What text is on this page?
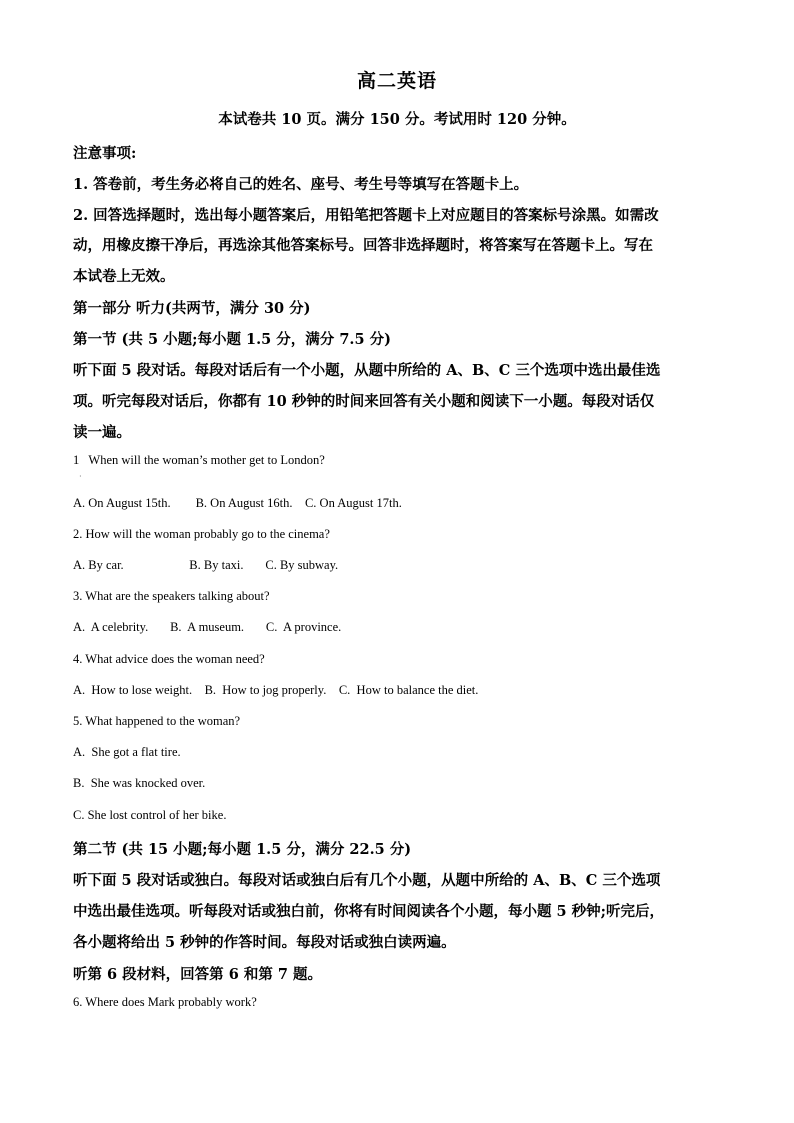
高二英语
本试卷共 10 页。满分 150 分。考试用时 120 分钟。
注意事项:
1. 答卷前，考生务必将自己的姓名、座号、考生号等填写在答题卡上。
2. 回答选择题时，选出每小题答案后，用铅笔把答题卡上对应题目的答案标号涂黑。如需改
动，用橡皮擦干净后，再选涂其他答案标号。回答非选择题时，将答案写在答题卡上。写在
本试卷上无效。
第一部分 听力(共两节，满分 30 分)
第一节 (共 5 小题;每小题 1.5 分，满分 7.5 分)
听下面 5 段对话。每段对话后有一个小题，从题中所给的 A、B、C 三个选项中选出最佳选
项。听完每段对话后，你都有 10 秒钟的时间来回答有关小题和阅读下一小题。每段对话仅
读一遍。
1   When will the woman’s mother get to London?
·
A. On August 15th.        B. On August 16th.    C. On August 17th.
2. How will the woman probably go to the cinema?
A. By car.                     B. By taxi.       C. By subway.
3. What are the speakers talking about?
A.  A celebrity.       B.  A museum.       C.  A province.
4. What advice does the woman need?
A.  How to lose weight.    B.  How to jog properly.    C.  How to balance the diet.
5. What happened to the woman?
A.  She got a flat tire.
B.  She was knocked over.
C. She lost control of her bike.
第二节 (共 15 小题;每小题 1.5 分，满分 22.5 分)
听下面 5 段对话或独白。每段对话或独白后有几个小题，从题中所给的 A、B、C 三个选项
中选出最佳选项。听每段对话或独白前，你将有时间阅读各个小题，每小题 5 秒钟;听完后，
各小题将给出 5 秒钟的作答时间。每段对话或独白读两遍。
听第 6 段材料，回答第 6 和第 7 题。
6. Where does Mark probably work?
